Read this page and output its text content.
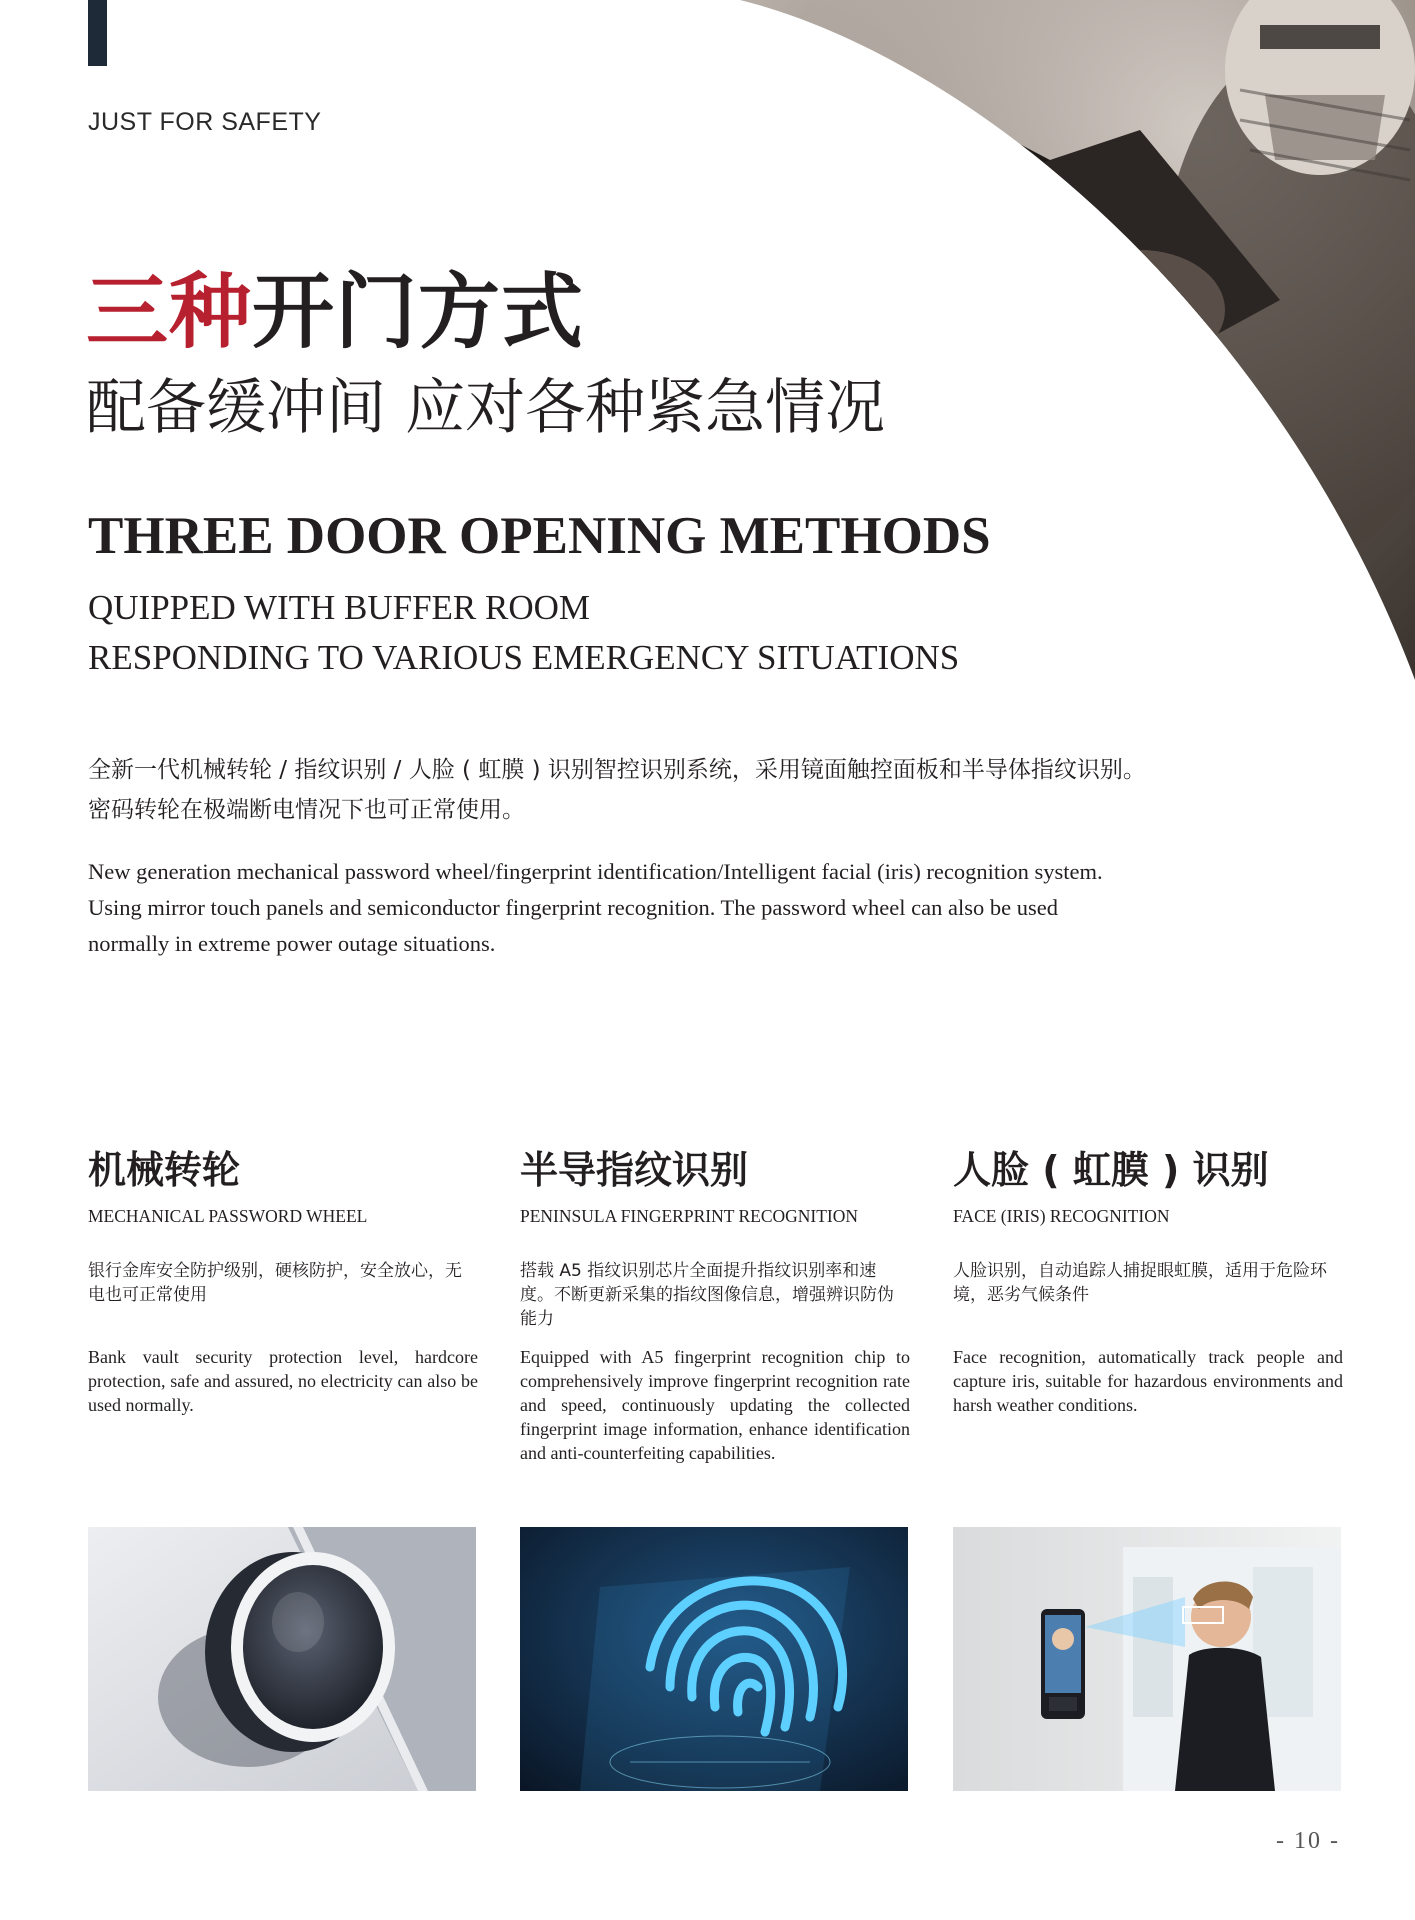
JUST FOR SAFETY
三种开门方式
配备缓冲间 应对各种紧急情况
THREE DOOR OPENING METHODS
QUIPPED WITH BUFFER ROOM
RESPONDING TO VARIOUS EMERGENCY SITUATIONS
全新一代机械转轮 / 指纹识别 / 人脸 ( 虹膜 ) 识别智控识别系统，采用镜面触控面板和半导体指纹识别。
密码转轮在极端断电情况下也可正常使用。
New generation mechanical password wheel/fingerprint identification/Intelligent facial (iris) recognition system.
Using mirror touch panels and semiconductor fingerprint recognition. The password wheel can also be used
normally in extreme power outage situations.
机械转轮
MECHANICAL PASSWORD WHEEL
银行金库安全防护级别，硬核防护，安全放心，无电也可正常使用
Bank vault security protection level, hardcore protection, safe and assured, no electricity can also be used normally.
半导指纹识别
PENINSULA FINGERPRINT RECOGNITION
搭载 A5 指纹识别芯片全面提升指纹识别率和速度。不断更新采集的指纹图像信息，增强辨识防伪能力
Equipped with A5 fingerprint recognition chip to comprehensively improve fingerprint recognition rate and speed, continuously updating the collected fingerprint image information, enhance identification and anti-counterfeiting capabilities.
人脸 ( 虹膜 ) 识别
FACE (IRIS) RECOGNITION
人脸识别，自动追踪人捕捉眼虹膜，适用于危险环境，恶劣气候条件
Face recognition, automatically track people and capture iris, suitable for hazardous environments and harsh weather conditions.
- 10 -
